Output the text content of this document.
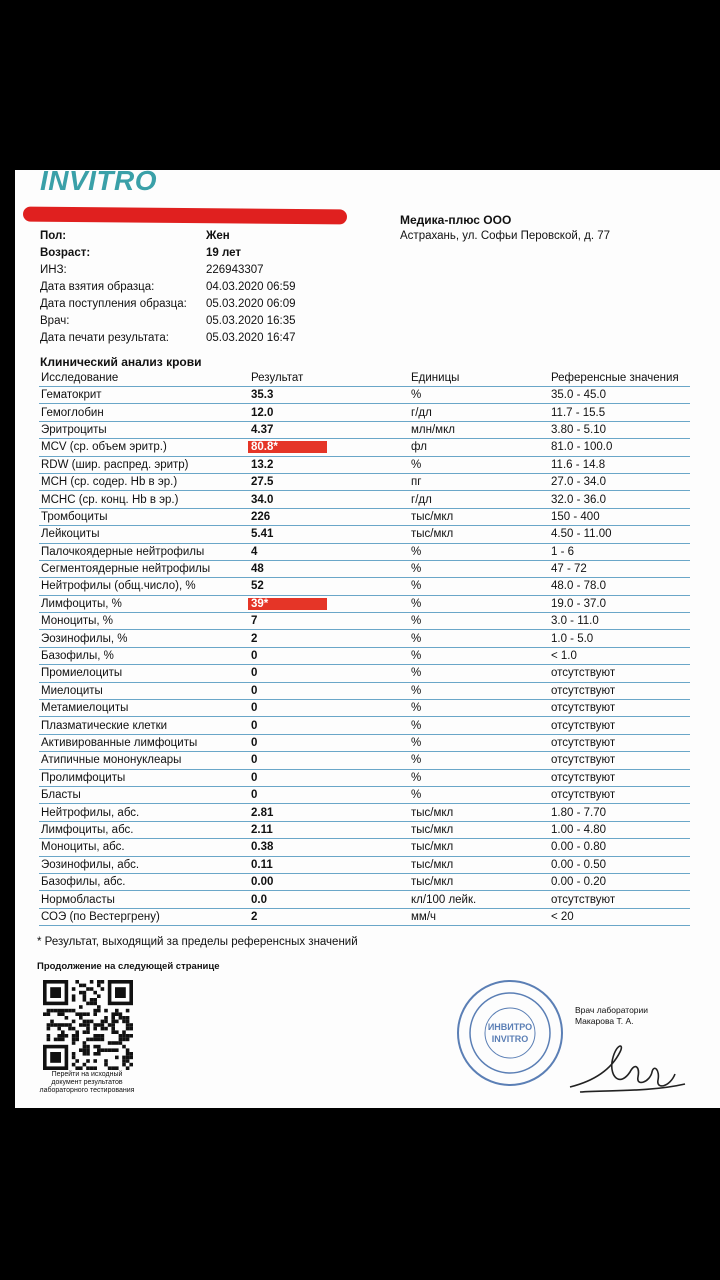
INVITRO
Медика-плюс ООО
Астрахань, ул. Софьи Перовской, д. 77
Пол:	Жен
Возраст:	19 лет
ИНЗ:	226943307
Дата взятия образца:	04.03.2020 06:59
Дата поступления образца: 05.03.2020 06:09
Врач:	05.03.2020 16:35
Дата печати результата:	05.03.2020 16:47
Клинический анализ крови
Исследование	Результат	Единицы	Референсные значения
Гематокрит	35.3	%	35.0 - 45.0
Гемоглобин	12.0	г/дл	11.7 - 15.5
Эритроциты	4.37	млн/мкл	3.80 - 5.10
MCV (ср. объем эритр.)	80.8*	фл	81.0 - 100.0
RDW (шир. распред. эритр)	13.2	%	11.6 - 14.8
MCH (ср. содер. Hb в эр.)	27.5	пг	27.0 - 34.0
MCHC (ср. конц. Hb в эр.)	34.0	г/дл	32.0 - 36.0
Тромбоциты	226	тыс/мкл	150 - 400
Лейкоциты	5.41	тыс/мкл	4.50 - 11.00
Палочкоядерные нейтрофилы	4	%	1 - 6
Сегментоядерные нейтрофилы	48	%	47 - 72
Нейтрофилы (общ.число), %	52	%	48.0 - 78.0
Лимфоциты, %	39*	%	19.0 - 37.0
Моноциты, %	7	%	3.0 - 11.0
Эозинофилы, %	2	%	1.0 - 5.0
Базофилы, %	0	%	< 1.0
Промиелоциты	0	%	отсутствуют
Миелоциты	0	%	отсутствуют
Метамиелоциты	0	%	отсутствуют
Плазматические клетки	0	%	отсутствуют
Активированные лимфоциты	0	%	отсутствуют
Атипичные мононуклеары	0	%	отсутствуют
Пролимфоциты	0	%	отсутствуют
Бласты	0	%	отсутствуют
Нейтрофилы, абс.	2.81	тыс/мкл	1.80 - 7.70
Лимфоциты, абс.	2.11	тыс/мкл	1.00 - 4.80
Моноциты, абс.	0.38	тыс/мкл	0.00 - 0.80
Эозинофилы, абс.	0.11	тыс/мкл	0.00 - 0.50
Базофилы, абс.	0.00	тыс/мкл	0.00 - 0.20
Нормобласты	0.0	кл/100 лейк.	отсутствуют
СОЭ (по Вестергрену)	2	мм/ч	< 20
* Результат, выходящий за пределы референсных значений
Продолжение на следующей странице
Перейти на исходный документ результатов лабораторного тестирования
ИНВИТРО
INVITRO
Врач лаборатории
Макарова Т. А.
